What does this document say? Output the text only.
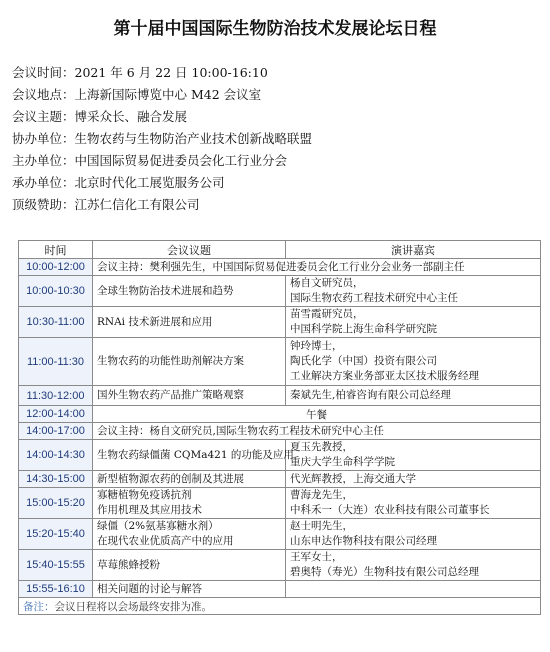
第十届中国国际生物防治技术发展论坛日程
会议时间：2021 年 6 月 22 日 10:00-16:10
会议地点：上海新国际博览中心 M42 会议室
会议主题：博采众长、融合发展
协办单位：生物农药与生物防治产业技术创新战略联盟
主办单位：中国国际贸易促进委员会化工行业分会
承办单位：北京时代化工展览服务公司
顶级赞助：江苏仁信化工有限公司
时间	会议议题	演讲嘉宾
10:00-12:00	会议主持：樊利强先生，中国国际贸易促进委员会化工行业分会业务一部副主任	
10:00-10:30	全球生物防治技术进展和趋势	杨自文研究员，
国际生物农药工程技术研究中心主任

10:30-11:00	RNAi 技术新进展和应用	苗雪霞研究员，
中国科学院上海生命科学研究院

11:00-11:30	生物农药的功能性助剂解决方案	钟玲博士，
陶氏化学（中国）投资有限公司
工业解决方案业务部亚太区技术服务经理

11:30-12:00	国外生物农药产品推广策略观察	秦斌先生,柏睿咨询有限公司总经理

12:00-14:00	午餐	
14:00-17:00	会议主持：杨自文研究员,国际生物农药工程技术研究中心主任	
14:00-14:30	生物农药绿僵菌 CQMa421 的功能及应用	夏玉先教授，
重庆大学生命科学学院

14:30-15:00	新型植物源农药的创制及其进展	代光辉教授，上海交通大学

15:00-15:20	寡糖植物免疫诱抗剂
作用机理及其应用技术	曹海龙先生，
中科禾一（大连）农业科技有限公司董事长

15:20-15:40	绿僵（2%氨基寡糖水剂）
在现代农业优质高产中的应用	赵士明先生，
山东申达作物科技有限公司经理

15:40-15:55	草莓熊蜂授粉	王军女士，
碧奥特（寿光）生物科技有限公司总经理

15:55-16:10	相关问题的讨论与解答	

备注：会议日程将以会场最终安排为准。		
